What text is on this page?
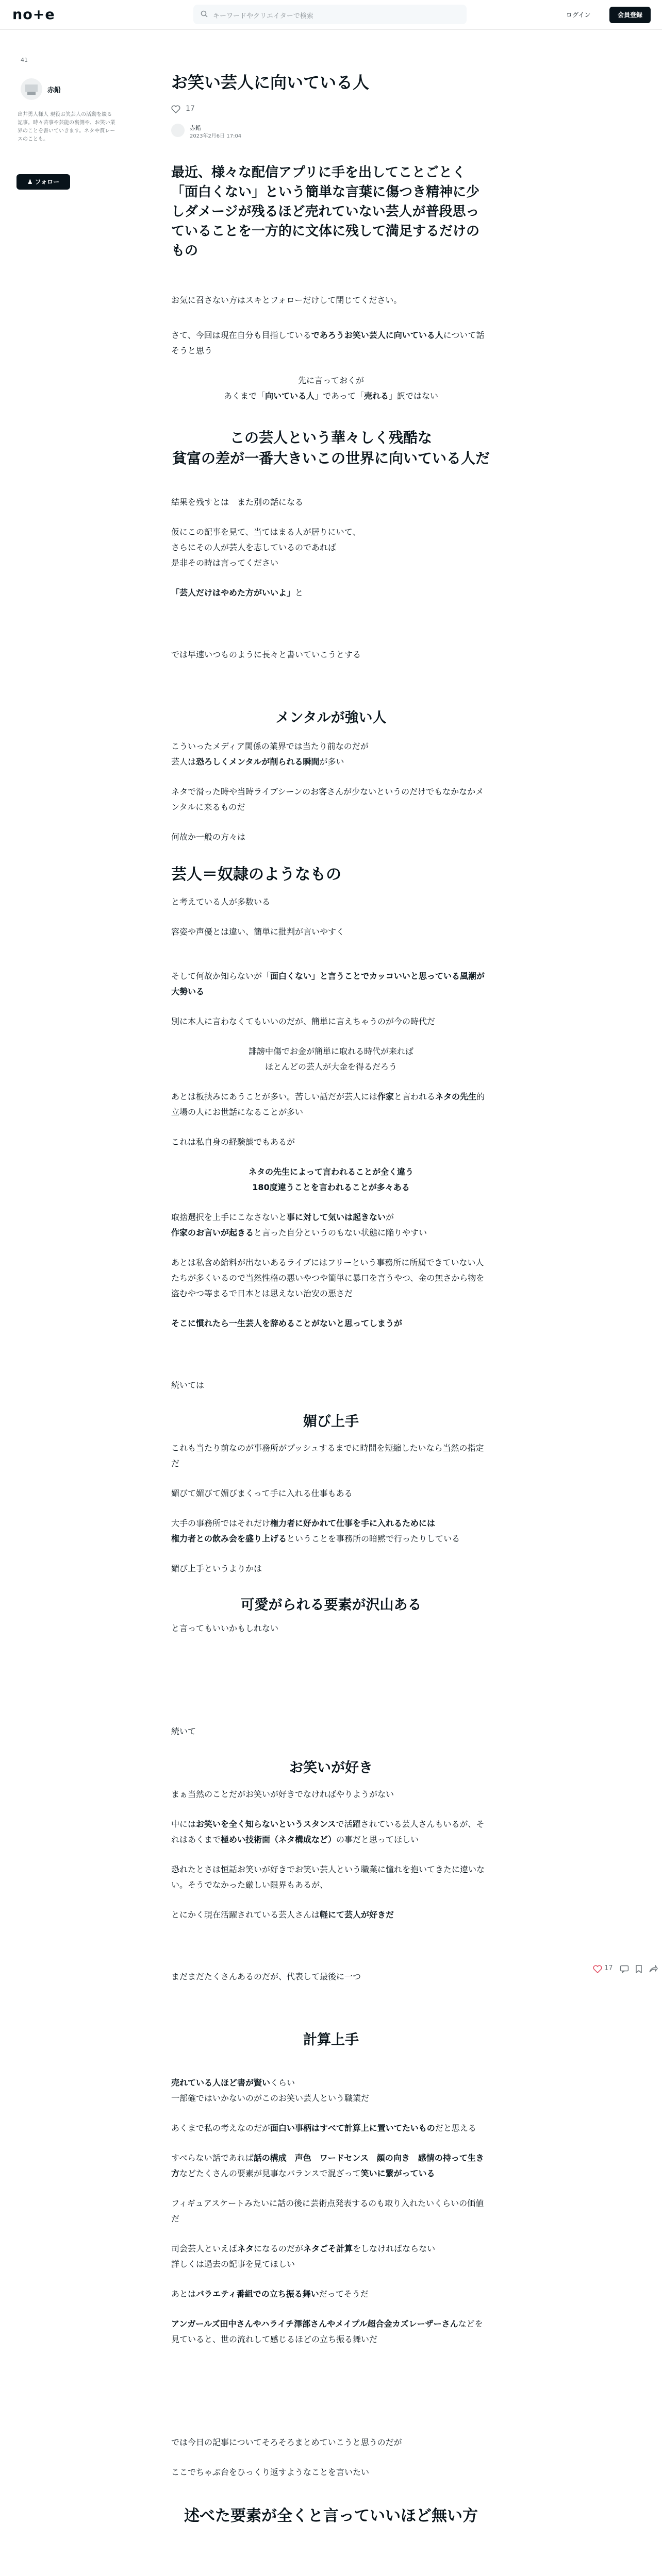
no+e	キーワードやクリエイターで検索	ログイン	会員登録
41
赤鉛
出井勇人様人 現役お笑芸人の活動を綴る記事。時々芸事や芸能の裏側や、お笑い業界のことを書いていきます。ネタや賞レースのことも。
♟ フォロー
お笑い芸人に向いている人
17
赤鉛
2023年2月6日 17:04
最近、様々な配信アプリに手を出してことごとく「面白くない」という簡単な言葉に傷つき精神に少しダメージが残るほど売れていない芸人が普段思っていることを一方的に文体に残して満足するだけのもの

お気に召さない方はスキとフォローだけして閉じてください。

さて、今回は現在自分も目指しているであろうお笑い芸人に向いている人について話そうと思う

先に言っておくが

あくまで「向いている人」であって「売れる」訳ではない

この芸人という華々しく残酷な
貧富の差が一番大きいこの世界に向いている人だ

結果を残すとは　また別の話になる

仮にこの記事を見て、当てはまる人が居りにいて、

さらにその人が芸人を志しているのであれば

是非その時は言ってください

「芸人だけはやめた方がいいよ」と

では早速いつものように長々と書いていこうとする

メンタルが強い人

こういったメディア関係の業界では当たり前なのだが

芸人は恐ろしくメンタルが削られる瞬間が多い

ネタで滑った時や当時ライブシーンのお客さんが少ないというのだけでもなかなかメンタルに来るものだ

何故か一般の方々は

芸人＝奴隷のようなもの

と考えている人が多数いる

容姿や声優とは違い、簡単に批判が言いやすく

そして何故か知らないが「面白くない」と言うことでカッコいいと思っている風潮が大勢いる

別に本人に言わなくてもいいのだが、簡単に言えちゃうのが今の時代だ

誹謗中傷でお金が簡単に取れる時代が来れば

ほとんどの芸人が大金を得るだろう

あとは板挟みにあうことが多い。苦しい話だが芸人には作家と言われるネタの先生的立場の人にお世話になることが多い

これは私自身の経験談でもあるが

ネタの先生によって言われることが全く違う

180度違うことを言われることが多々ある

取捨選択を上手にこなさないと事に対して気いは起きないが

作家のお言いが起きると言った自分というのもない状態に陥りやすい

あとは私含め給料が出ないあるライブにはフリーという事務所に所属できていない人たちが多くいるので当然性格の悪いやつや簡単に暴口を言うやつ、金の無さから物を盗むやつ等まるで日本とは思えない治安の悪さだ

そこに慣れたら一生芸人を辞めることがないと思ってしまうが

続いては

媚び上手

これも当たり前なのが事務所がプッシュするまでに時間を短縮したいなら当然の指定だ

媚びて媚びて媚びまくって手に入れる仕事もある

大手の事務所ではそれだけ権力者に好かれて仕事を手に入れるためには

権力者との飲み会を盛り上げるということを事務所の暗黙で行ったりしている

媚び上手というよりかは

可愛がられる要素が沢山ある

と言ってもいいかもしれない

続いて

お笑いが好き

まぁ当然のことだがお笑いが好きでなければやりようがない

中にはお笑いを全く知らないというスタンスで活躍されている芸人さんもいるが、それはあくまで極めい技術面（ネタ構成など）の事だと思ってほしい

恐れたとさは恒話お笑いが好きでお笑い芸人という職業に憧れを抱いてきたに違いない。そうでなかった厳しい限界もあるが、

とにかく現在活躍されている芸人さんは軽にて芸人が好きだ

まだまだたくさんあるのだが、代表して最後に一つ

計算上手

売れている人ほど書が賢いくらい

一部確ではいかないのがこのお笑い芸人という職業だ

あくまで私の考えなのだが面白い事柄はすべて計算上に置いてたいものだと思える

すべらない話であれば話の構成　声色　ワードセンス　顔の向き　感情の持って生き方などたくさんの要素が見事なバランスで混ざって笑いに繋がっている

フィギュアスケートみたいに話の後に芸術点発表するのも取り入れたいくらいの価値だ

司会芸人といえばネタになるのだがネタごそ計算をしなければならない

詳しくは過去の記事を見てほしい

あとはバラエティ番組での立ち振る舞いだってそうだ

アンガールズ田中さんやハライチ澤部さんやメイプル超合金カズレーザーさんなどを見ていると、世の流れして感じるほどの立ち振る舞いだ

では今日の記事についてそろそろまとめていこうと思うのだが

ここでちゃぶ台をひっくり返すようなことを言いたい

述べた要素が全くと言っていいほど無い方
17
